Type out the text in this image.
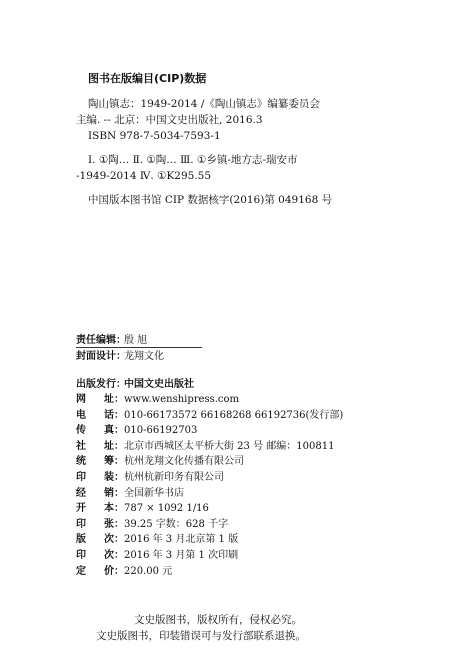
图书在版编目(CIP)数据
陶山镇志：1949-2014 /《陶山镇志》编纂委员会
主编. -- 北京：中国文史出版社, 2016.3
ISBN 978-7-5034-7593-1
Ⅰ. ①陶… Ⅱ. ①陶… Ⅲ. ①乡镇-地方志-瑞安市
-1949-2014 Ⅳ. ①K295.55
中国版本图书馆 CIP 数据核字(2016)第 049168 号
责任编辑：
殷 旭
封面设计：
龙翔文化
出版发行：
中国文史出版社
网 址： www.wenshipress.com
电 话： 010-66173572 66168268 66192736(发行部)
传 真： 010-66192703
社 址： 北京市西城区太平桥大街 23 号 邮编：100811
统 筹： 杭州龙翔文化传播有限公司
印 装： 杭州杭新印务有限公司
经 销： 全国新华书店
开 本： 787 × 1092 1/16
印 张： 39.25 字数：628 千字
版 次： 2016 年 3 月北京第 1 版
印 次： 2016 年 3 月第 1 次印刷
定 价： 220.00 元
文史版图书，版权所有，侵权必究。
文史版图书，印装错误可与发行部联系退换。
